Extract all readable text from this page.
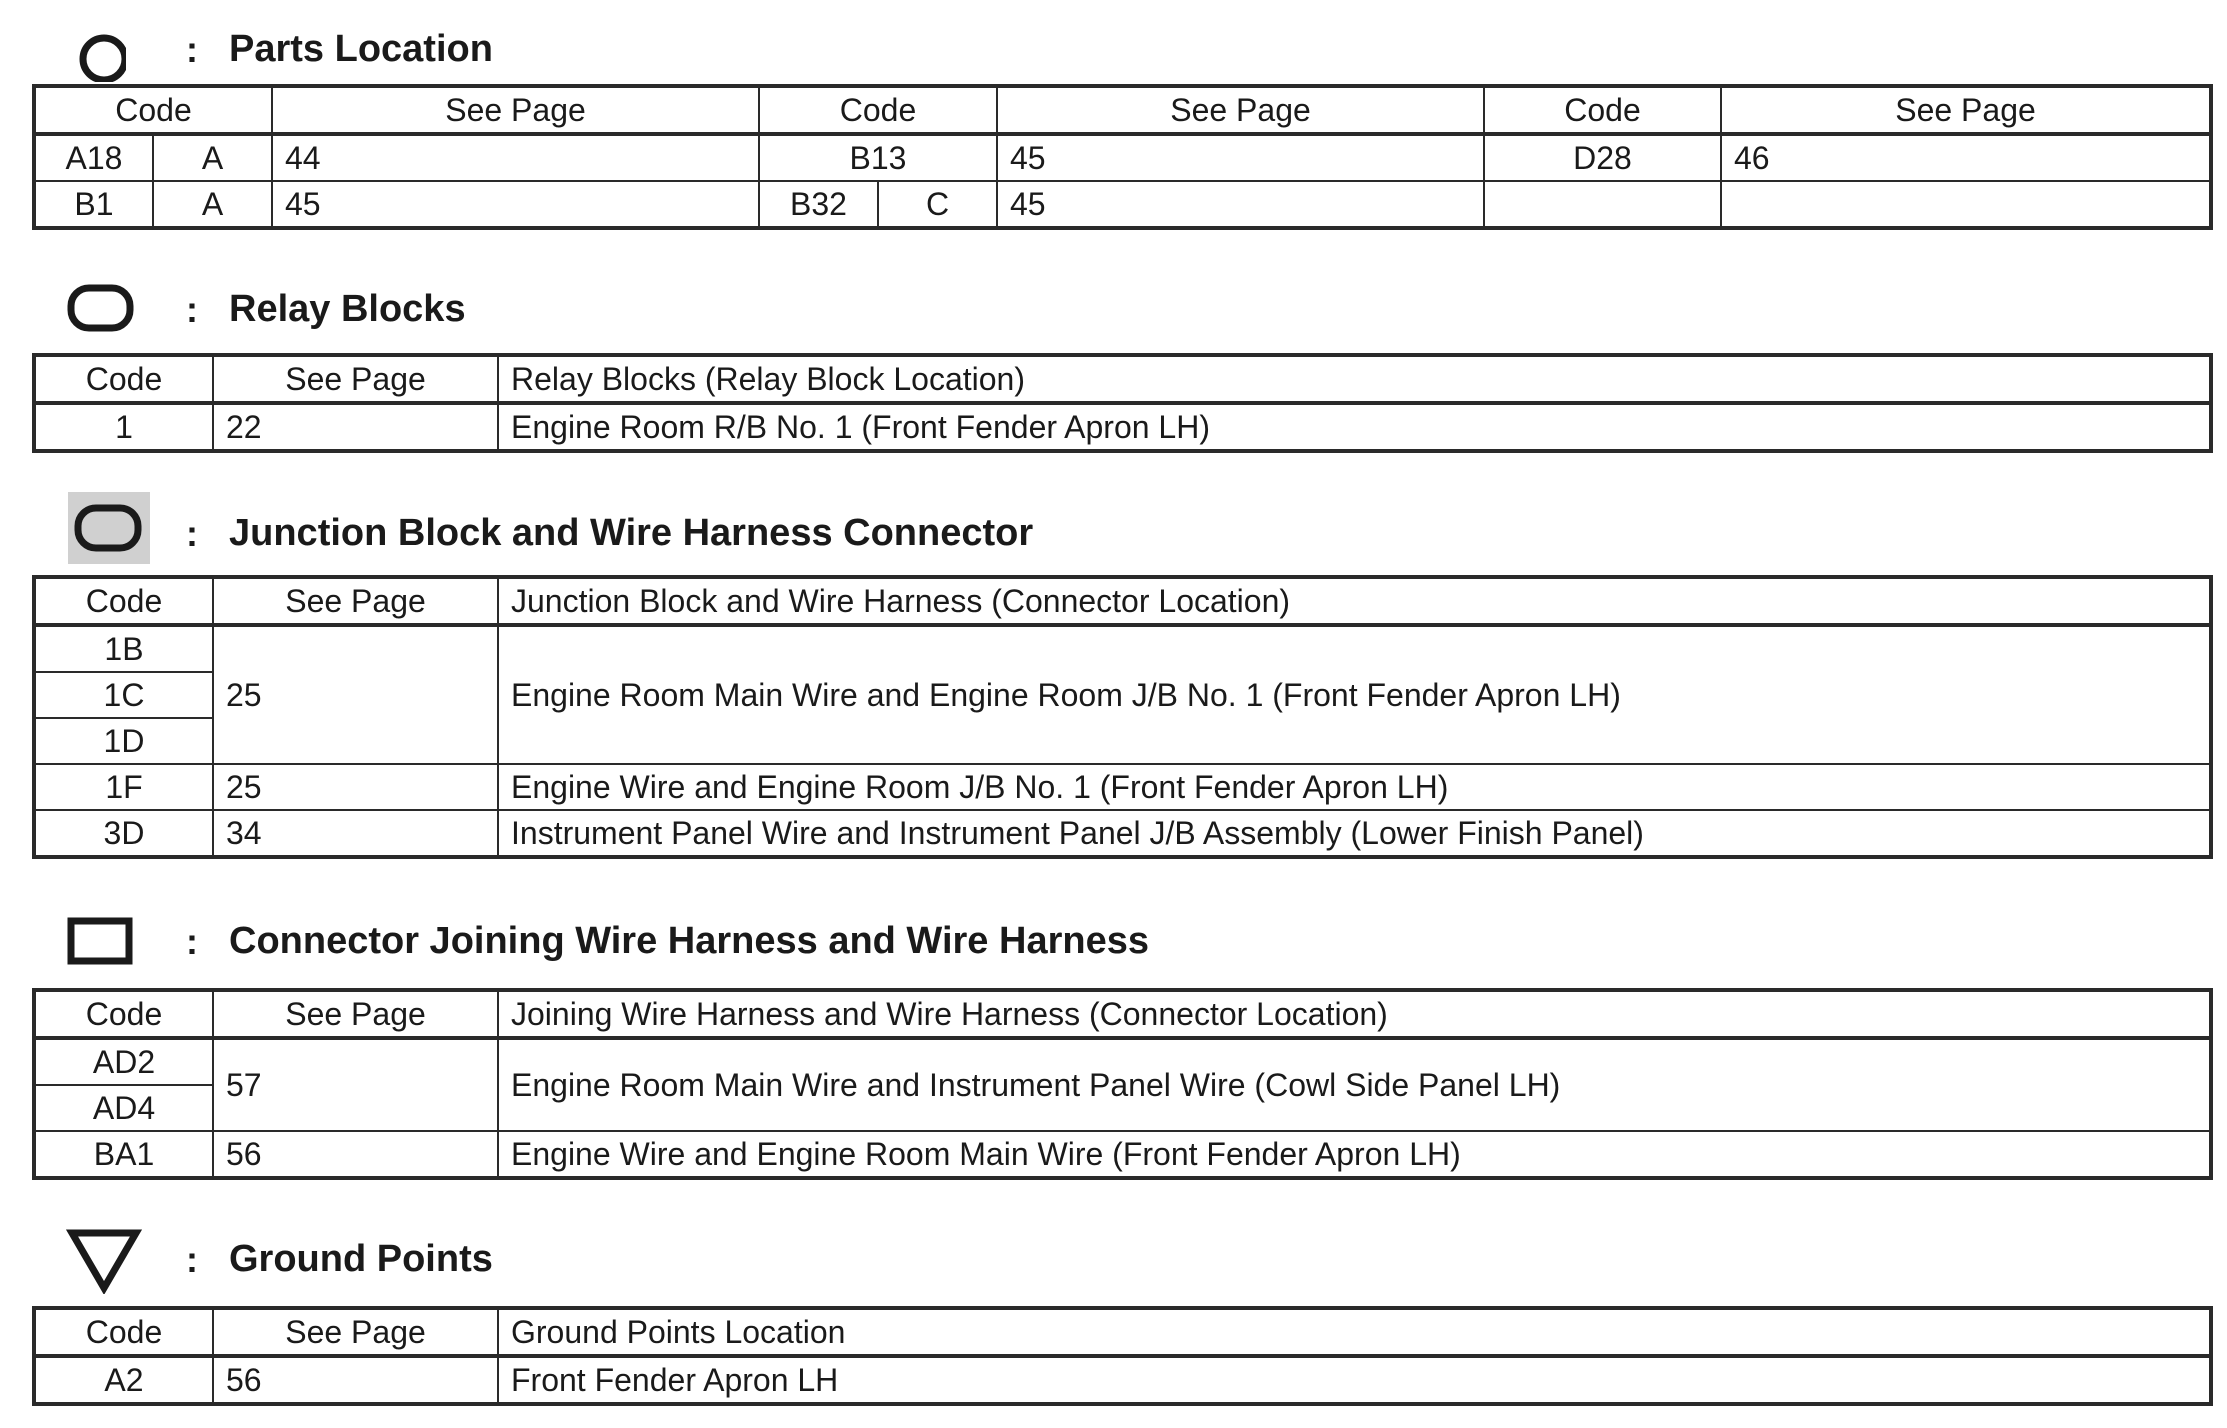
: Parts Location
Code		See Page	Code		See Page	Code	See Page
A18	A	44	B13		45	D28	46
B1	A	45	B32	C	45		
: Relay Blocks
Code	See Page	Relay Blocks (Relay Block Location)
1	22	Engine Room R/B No. 1 (Front Fender Apron LH)
: Junction Block and Wire Harness Connector
Code	See Page	Junction Block and Wire Harness (Connector Location)
1B	25	Engine Room Main Wire and Engine Room J/B No. 1 (Front Fender Apron LH)
1C		
1D		
1F	25	Engine Wire and Engine Room J/B No. 1 (Front Fender Apron LH)
3D	34	Instrument Panel Wire and Instrument Panel J/B Assembly (Lower Finish Panel)
: Connector Joining Wire Harness and Wire Harness
Code	See Page	Joining Wire Harness and Wire Harness (Connector Location)
AD2	57	Engine Room Main Wire and Instrument Panel Wire (Cowl Side Panel LH)
AD4		
BA1	56	Engine Wire and Engine Room Main Wire (Front Fender Apron LH)
: Ground Points
Code	See Page	Ground Points Location
A2	56	Front Fender Apron LH
